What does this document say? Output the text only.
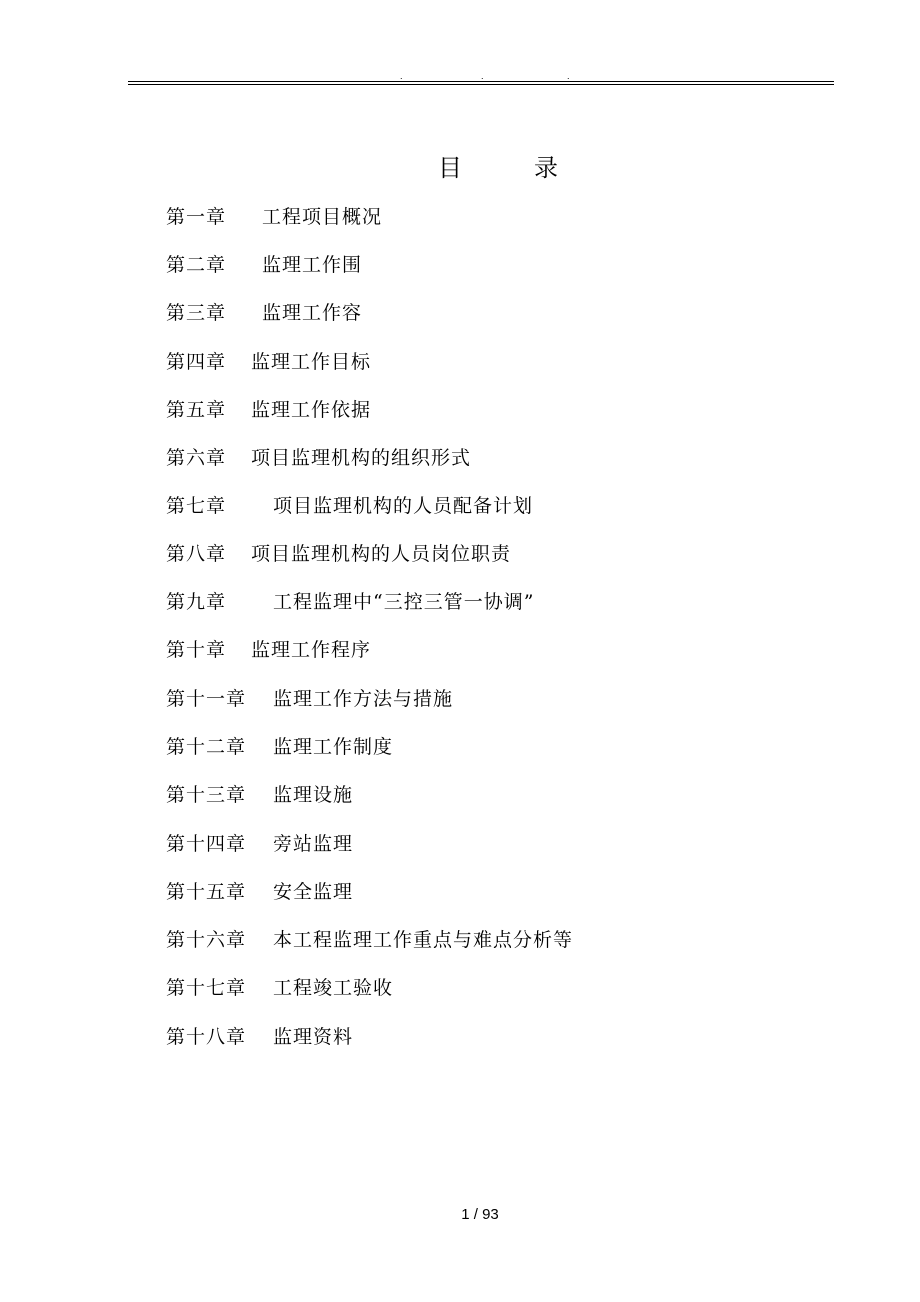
.	.	.
目	录
第一章 工程项目概况
第二章 监理工作围
第三章 监理工作容
第四章 监理工作目标
第五章 监理工作依据
第六章 项目监理机构的组织形式
第七章 项目监理机构的人员配备计划
第八章 项目监理机构的人员岗位职责
第九章 工程监理中“三控三管一协调”
第十章 监理工作程序
第十一章 监理工作方法与措施
第十二章 监理工作制度
第十三章 监理设施
第十四章 旁站监理
第十五章 安全监理
第十六章 本工程监理工作重点与难点分析等
第十七章 工程竣工验收
第十八章 监理资料
1 / 93
